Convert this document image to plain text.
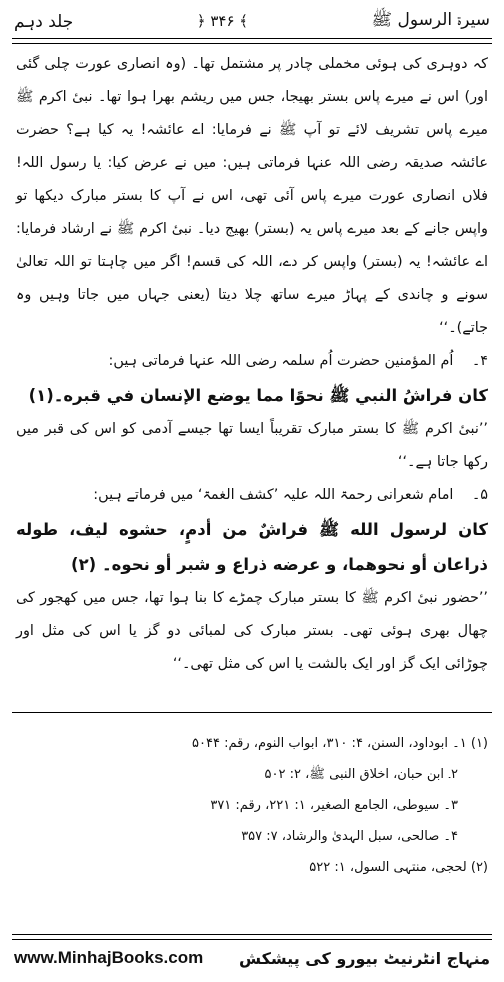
جلد دہم	﴿ ۳۴۶ ﴾	سیرۃ الرسول ﷺ

کہ دوہری کی ہوئی مخملی چادر پر مشتمل تھا۔ (وہ انصاری عورت چلی گئی اور) اس نے میرے پاس بستر بھیجا، جس میں ریشم بھرا ہوا تھا۔ نبیٔ اکرم ﷺ میرے پاس تشریف لائے تو آپ ﷺ نے فرمایا: اے عائشہ! یہ کیا ہے؟ حضرت عائشہ صدیقہ رضی اللہ عنہا فرماتی ہیں: میں نے عرض کیا: یا رسول اللہ! فلاں انصاری عورت میرے پاس آئی تھی، اس نے آپ کا بستر مبارک دیکھا تو واپس جانے کے بعد میرے پاس یہ (بستر) بھیج دیا۔ نبیٔ اکرم ﷺ نے ارشاد فرمایا: اے عائشہ! یہ (بستر) واپس کر دے، اللہ کی قسم! اگر میں چاہتا تو اللہ تعالیٰ سونے و چاندی کے پہاڑ میرے ساتھ چلا دیتا (یعنی جہاں میں جاتا وہیں وہ جاتے)۔‘‘

۴۔ اُم المؤمنین حضرت اُم سلمہ رضی اللہ عنہا فرماتی ہیں:

كان فراشُ النبي ﷺ نحوًا مما يوضع الإنسان في قبره۔(۱)

’’نبیٔ اکرم ﷺ کا بستر مبارک تقریباً ایسا تھا جیسے آدمی کو اس کی قبر میں رکھا جاتا ہے۔‘‘

۵۔ امام شعرانی رحمۃ اللہ علیہ ’کشف الغمۃ‘ میں فرماتے ہیں:

كان لرسول الله ﷺ فراشٌ من أدمٍ، حشوه ليف، طوله ذراعان أو نحوهما، و عرضه ذراع و شبر أو نحوه۔ (۲)

’’حضور نبیٔ اکرم ﷺ کا بستر مبارک چمڑے کا بنا ہوا تھا، جس میں کھجور کی چھال بھری ہوئی تھی۔ بستر مبارک کی لمبائی دو گز یا اس کی مثل اور چوڑائی ایک گز اور ایک بالشت یا اس کی مثل تھی۔‘‘

(۱) ۱۔ ابوداود، السنن، ۴: ۳۱۰، ابواب النوم، رقم: ۵۰۴۴
۲۔ ابن حبان، اخلاق النبی ﷺ، ۲: ۵۰۲
۳۔ سیوطی، الجامع الصغیر، ۱: ۲۲۱، رقم: ۳۷۱
۴۔ صالحی، سبل الہدیٰ والرشاد، ۷: ۳۵۷
(۲) لحجی، منتہی السول، ۱: ۵۲۲
www.MinhajBooks.com منہاج انٹرنیٹ بیورو کی پیشکش
